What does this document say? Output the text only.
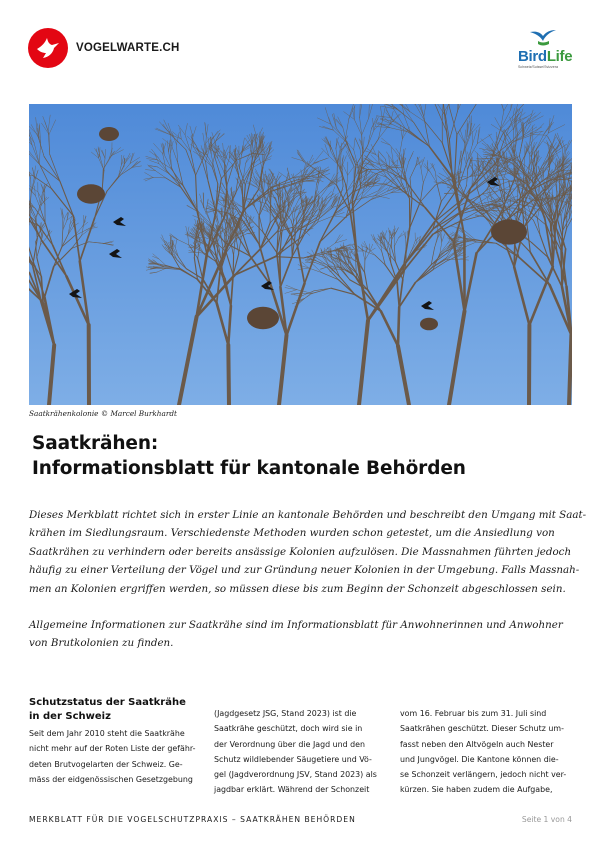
VOGELWARTE.CH	BirdLife
Schweiz/Suisse/Svizzera
Saatkrähenkolonie © Marcel Burkhardt
Saatkrähen:
Informationsblatt für kantonale Behörden

Dieses Merkblatt richtet sich in erster Linie an kantonale Behörden und beschreibt den Umgang mit Saat-
krähen im Siedlungsraum. Verschiedenste Methoden wurden schon getestet, um die Ansiedlung von
Saatkrähen zu verhindern oder bereits ansässige Kolonien aufzulösen. Die Massnahmen führten jedoch
häufig zu einer Verteilung der Vögel und zur Gründung neuer Kolonien in der Umgebung. Falls Massnah-
men an Kolonien ergriffen werden, so müssen diese bis zum Beginn der Schonzeit abgeschlossen sein.

Allgemeine Informationen zur Saatkrähe sind im Informationsblatt für Anwohnerinnen und Anwohner
von Brutkolonien zu finden.

Schutzstatus der Saatkrähe
in der Schweiz
Seit dem Jahr 2010 steht die Saatkrähe
nicht mehr auf der Roten Liste der gefähr-
deten Brutvogelarten der Schweiz. Ge-
mäss der eidgenössischen Gesetzgebung
(Jagdgesetz JSG, Stand 2023) ist die
Saatkrähe geschützt, doch wird sie in
der Verordnung über die Jagd und den
Schutz wildlebender Säugetiere und Vö-
gel (Jagdverordnung JSV, Stand 2023) als
jagdbar erklärt. Während der Schonzeit
vom 16. Februar bis zum 31. Juli sind
Saatkrähen geschützt. Dieser Schutz um-
fasst neben den Altvögeln auch Nester
und Jungvögel. Die Kantone können die-
se Schonzeit verlängern, jedoch nicht ver-
kürzen. Sie haben zudem die Aufgabe,
MERKBLATT FÜR DIE VOGELSCHUTZPRAXIS – SAATKRÄHEN BEHÖRDEN	Seite 1 von 4
